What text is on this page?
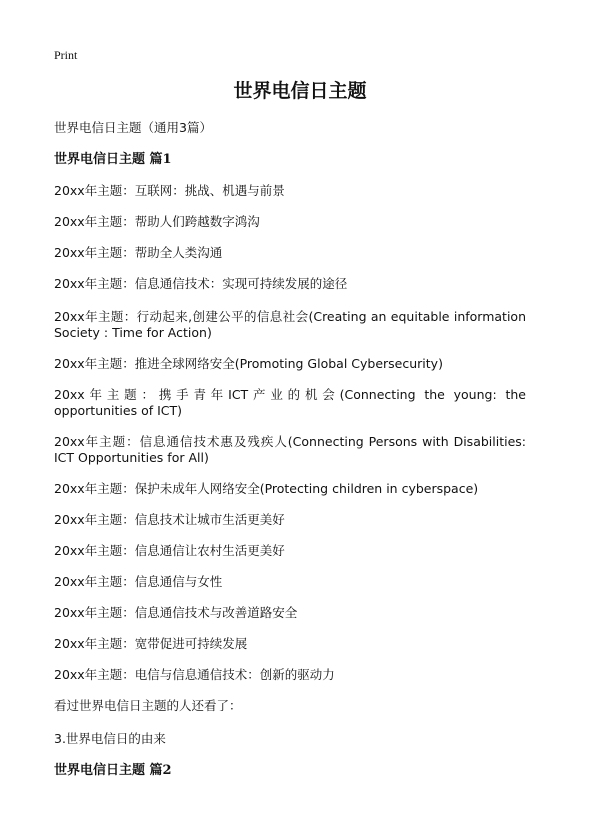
Print
世界电信日主题
世界电信日主题（通用3篇）
世界电信日主题 篇1
20xx年主题：互联网：挑战、机遇与前景
20xx年主题：帮助人们跨越数字鸿沟
20xx年主题：帮助全人类沟通
20xx年主题：信息通信技术：实现可持续发展的途径
20xx年主题：行动起来,创建公平的信息社会(Creating an equitable information Society : Time for Action)
20xx年主题：推进全球网络安全(Promoting Global Cybersecurity)
20xx年主题：携手青年ICT产业的机会(Connecting the young: the opportunities of ICT)
20xx年主题：信息通信技术惠及残疾人(Connecting Persons with Disabilities: ICT Opportunities for All)
20xx年主题：保护未成年人网络安全(Protecting children in cyberspace)
20xx年主题：信息技术让城市生活更美好
20xx年主题：信息通信让农村生活更美好
20xx年主题：信息通信与女性
20xx年主题：信息通信技术与改善道路安全
20xx年主题：宽带促进可持续发展
20xx年主题：电信与信息通信技术：创新的驱动力
看过世界电信日主题的人还看了：
3.世界电信日的由来
世界电信日主题 篇2
